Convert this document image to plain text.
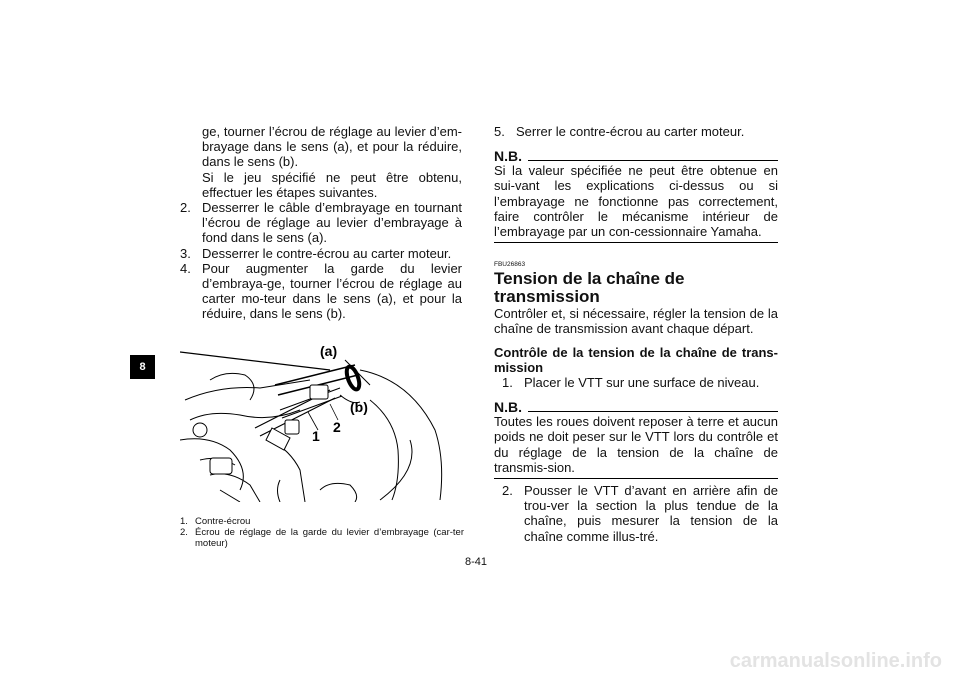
8
ge, tourner l’écrou de réglage au levier d’em-brayage dans le sens (a), et pour la réduire, dans le sens (b).
Si le jeu spécifié ne peut être obtenu, effectuer les étapes suivantes.
2. Desserrer le câble d’embrayage en tournant l’écrou de réglage au levier d’embrayage à fond dans le sens (a).
3. Desserrer le contre-écrou au carter moteur.
4. Pour augmenter la garde du levier d’embraya-ge, tourner l’écrou de réglage au carter mo-teur dans le sens (a), et pour la réduire, dans le sens (b).
(a)
(b)
1
2
1. Contre-écrou
2. Écrou de réglage de la garde du levier d’embrayage (car-ter moteur)
8-41
5. Serrer le contre-écrou au carter moteur.
N.B.
Si la valeur spécifiée ne peut être obtenue en sui-vant les explications ci-dessus ou si l’embrayage ne fonctionne pas correctement, faire contrôler le mécanisme intérieur de l’embrayage par un con-cessionnaire Yamaha.
FBU26863
Tension de la chaîne de transmission
Contrôler et, si nécessaire, régler la tension de la chaîne de transmission avant chaque départ.
Contrôle de la tension de la chaîne de trans-mission
1. Placer le VTT sur une surface de niveau.
N.B.
Toutes les roues doivent reposer à terre et aucun poids ne doit peser sur le VTT lors du contrôle et du réglage de la tension de la chaîne de transmis-sion.
2. Pousser le VTT d’avant en arrière afin de trou-ver la section la plus tendue de la chaîne, puis mesurer la tension de la chaîne comme illus-tré.
carmanualsonline.info
